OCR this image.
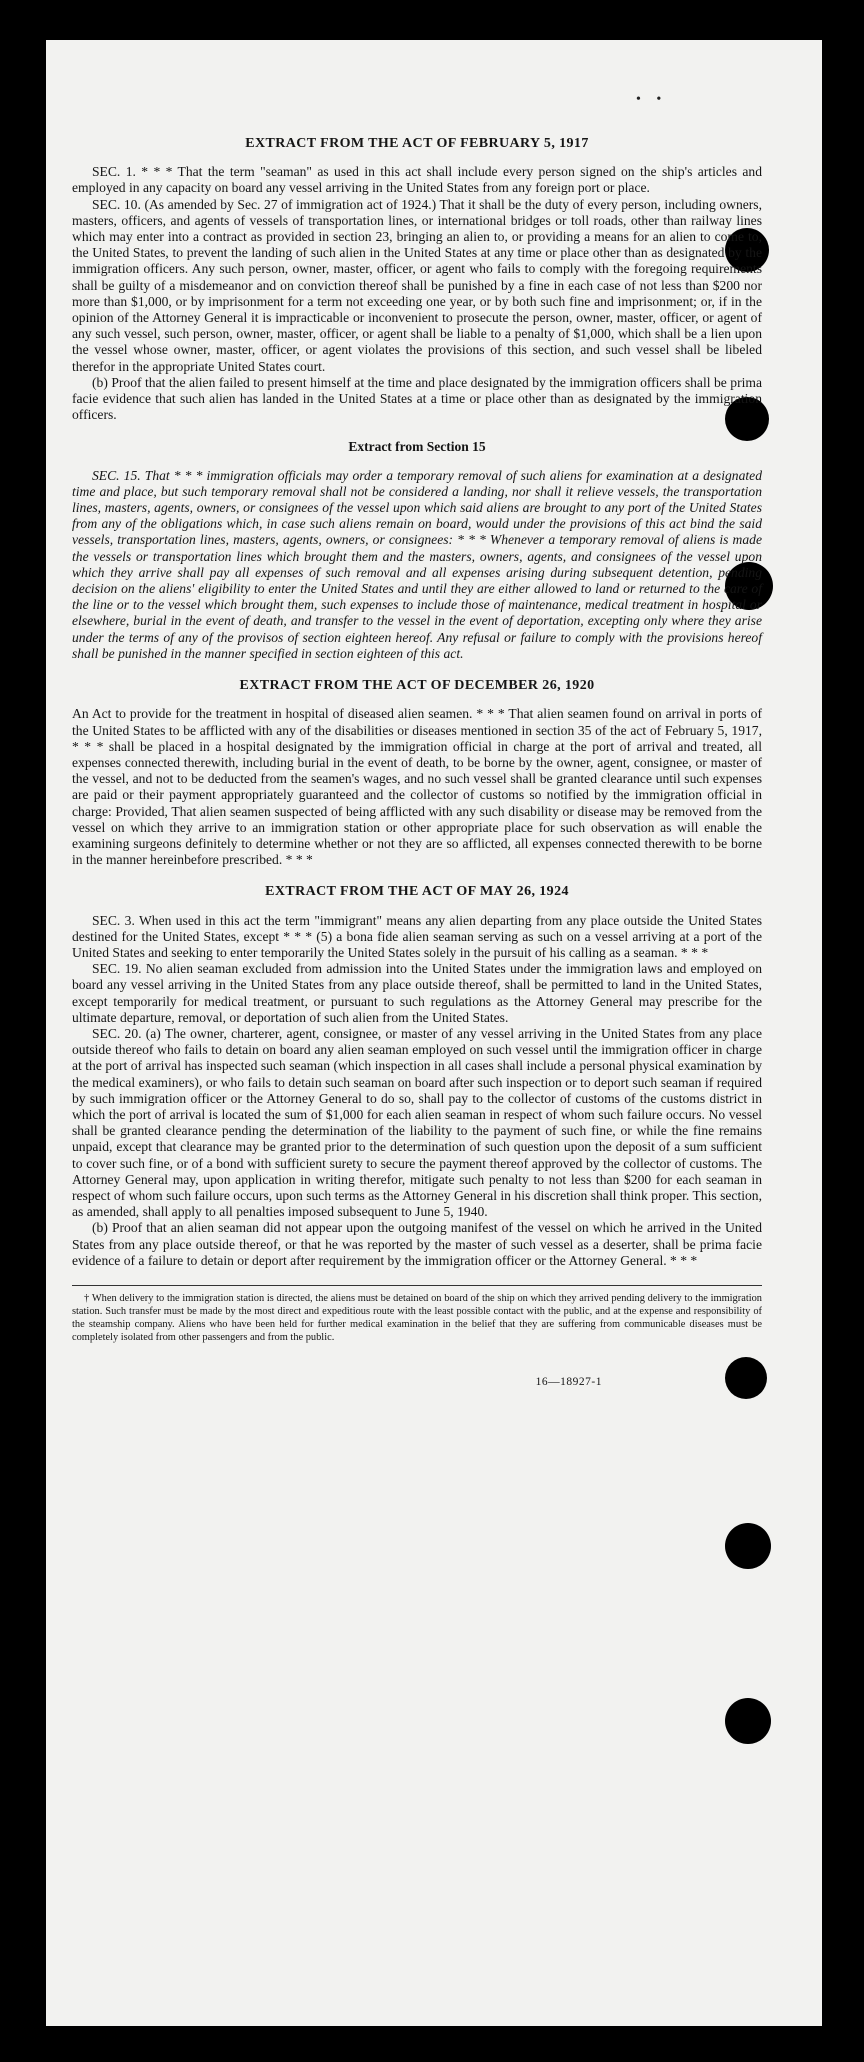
• •
EXTRACT FROM THE ACT OF FEBRUARY 5, 1917

SEC. 1. * * * That the term "seaman" as used in this act shall include every person signed on the ship's articles and employed in any capacity on board any vessel arriving in the United States from any foreign port or place.

SEC. 10. (As amended by Sec. 27 of immigration act of 1924.) That it shall be the duty of every person, including owners, masters, officers, and agents of vessels of transportation lines, or international bridges or toll roads, other than railway lines which may enter into a contract as provided in section 23, bringing an alien to, or providing a means for an alien to come to, the United States, to prevent the landing of such alien in the United States at any time or place other than as designated by the immigration officers. Any such person, owner, master, officer, or agent who fails to comply with the foregoing requirements shall be guilty of a misdemeanor and on conviction thereof shall be punished by a fine in each case of not less than $200 nor more than $1,000, or by imprisonment for a term not exceeding one year, or by both such fine and imprisonment; or, if in the opinion of the Attorney General it is impracticable or inconvenient to prosecute the person, owner, master, officer, or agent of any such vessel, such person, owner, master, officer, or agent shall be liable to a penalty of $1,000, which shall be a lien upon the vessel whose owner, master, officer, or agent violates the provisions of this section, and such vessel shall be libeled therefor in the appropriate United States court.

(b) Proof that the alien failed to present himself at the time and place designated by the immigration officers shall be prima facie evidence that such alien has landed in the United States at a time or place other than as designated by the immigration officers.

Extract from Section 15

SEC. 15. That * * * immigration officials may order a temporary removal of such aliens for examination at a designated time and place, but such temporary removal shall not be considered a landing, nor shall it relieve vessels, the transportation lines, masters, agents, owners, or consignees of the vessel upon which said aliens are brought to any port of the United States from any of the obligations which, in case such aliens remain on board, would under the provisions of this act bind the said vessels, transportation lines, masters, agents, owners, or consignees: * * * Whenever a temporary removal of aliens is made the vessels or transportation lines which brought them and the masters, owners, agents, and consignees of the vessel upon which they arrive shall pay all expenses of such removal and all expenses arising during subsequent detention, pending decision on the aliens' eligibility to enter the United States and until they are either allowed to land or returned to the care of the line or to the vessel which brought them, such expenses to include those of maintenance, medical treatment in hospital or elsewhere, burial in the event of death, and transfer to the vessel in the event of deportation, excepting only where they arise under the terms of any of the provisos of section eighteen hereof. Any refusal or failure to comply with the provisions hereof shall be punished in the manner specified in section eighteen of this act.

EXTRACT FROM THE ACT OF DECEMBER 26, 1920

An Act to provide for the treatment in hospital of diseased alien seamen. * * * That alien seamen found on arrival in ports of the United States to be afflicted with any of the disabilities or diseases mentioned in section 35 of the act of February 5, 1917, * * * shall be placed in a hospital designated by the immigration official in charge at the port of arrival and treated, all expenses connected therewith, including burial in the event of death, to be borne by the owner, agent, consignee, or master of the vessel, and not to be deducted from the seamen's wages, and no such vessel shall be granted clearance until such expenses are paid or their payment appropriately guaranteed and the collector of customs so notified by the immigration official in charge: Provided, That alien seamen suspected of being afflicted with any such disability or disease may be removed from the vessel on which they arrive to an immigration station or other appropriate place for such observation as will enable the examining surgeons definitely to determine whether or not they are so afflicted, all expenses connected therewith to be borne in the manner hereinbefore prescribed. * * *

EXTRACT FROM THE ACT OF MAY 26, 1924

SEC. 3. When used in this act the term "immigrant" means any alien departing from any place outside the United States destined for the United States, except * * * (5) a bona fide alien seaman serving as such on a vessel arriving at a port of the United States and seeking to enter temporarily the United States solely in the pursuit of his calling as a seaman. * * *

SEC. 19. No alien seaman excluded from admission into the United States under the immigration laws and employed on board any vessel arriving in the United States from any place outside thereof, shall be permitted to land in the United States, except temporarily for medical treatment, or pursuant to such regulations as the Attorney General may prescribe for the ultimate departure, removal, or deportation of such alien from the United States.

SEC. 20. (a) The owner, charterer, agent, consignee, or master of any vessel arriving in the United States from any place outside thereof who fails to detain on board any alien seaman employed on such vessel until the immigration officer in charge at the port of arrival has inspected such seaman (which inspection in all cases shall include a personal physical examination by the medical examiners), or who fails to detain such seaman on board after such inspection or to deport such seaman if required by such immigration officer or the Attorney General to do so, shall pay to the collector of customs of the customs district in which the port of arrival is located the sum of $1,000 for each alien seaman in respect of whom such failure occurs. No vessel shall be granted clearance pending the determination of the liability to the payment of such fine, or while the fine remains unpaid, except that clearance may be granted prior to the determination of such question upon the deposit of a sum sufficient to cover such fine, or of a bond with sufficient surety to secure the payment thereof approved by the collector of customs. The Attorney General may, upon application in writing therefor, mitigate such penalty to not less than $200 for each seaman in respect of whom such failure occurs, upon such terms as the Attorney General in his discretion shall think proper. This section, as amended, shall apply to all penalties imposed subsequent to June 5, 1940.

(b) Proof that an alien seaman did not appear upon the outgoing manifest of the vessel on which he arrived in the United States from any place outside thereof, or that he was reported by the master of such vessel as a deserter, shall be prima facie evidence of a failure to detain or deport after requirement by the immigration officer or the Attorney General. * * *

† When delivery to the immigration station is directed, the aliens must be detained on board of the ship on which they arrived pending delivery to the immigration station. Such transfer must be made by the most direct and expeditious route with the least possible contact with the public, and at the expense and responsibility of the steamship company. Aliens who have been held for further medical examination in the belief that they are suffering from communicable diseases must be completely isolated from other passengers and from the public.

16—18927-1
